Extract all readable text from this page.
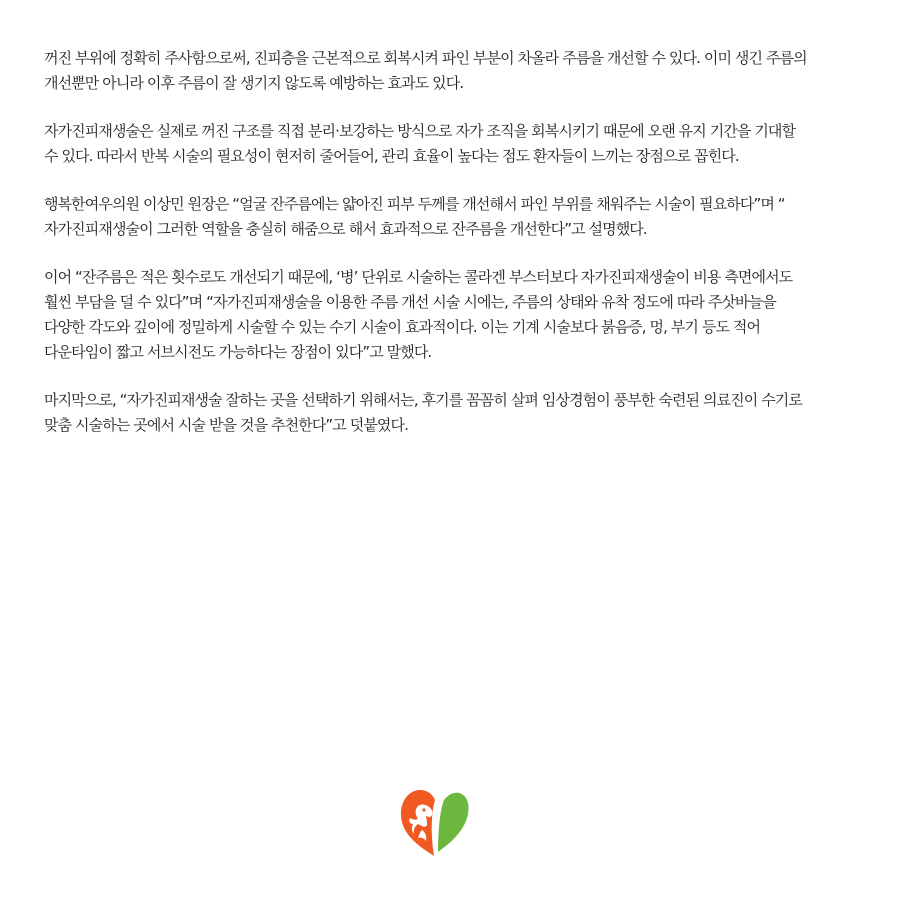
꺼진 부위에 정확히 주사함으로써, 진피층을 근본적으로 회복시켜 파인 부분이 차올라 주름을 개선할 수 있다. 이미 생긴 주름의
개선뿐만 아니라 이후 주름이 잘 생기지 않도록 예방하는 효과도 있다.

자가진피재생술은 실제로 꺼진 구조를 직접 분리·보강하는 방식으로 자가 조직을 회복시키기 때문에 오랜 유지 기간을 기대할
수 있다. 따라서 반복 시술의 필요성이 현저히 줄어들어, 관리 효율이 높다는 점도 환자들이 느끼는 장점으로 꼽힌다.

행복한여우의원 이상민 원장은 “얼굴 잔주름에는 얇아진 피부 두께를 개선해서 파인 부위를 채워주는 시술이 필요하다”며 “
자가진피재생술이 그러한 역할을 충실히 해줌으로 해서 효과적으로 잔주름을 개선한다”고 설명했다.

이어 “잔주름은 적은 횟수로도 개선되기 때문에, ‘병’ 단위로 시술하는 콜라겐 부스터보다 자가진피재생술이 비용 측면에서도
훨씬 부담을 덜 수 있다”며 “자가진피재생술을 이용한 주름 개선 시술 시에는, 주름의 상태와 유착 정도에 따라 주삿바늘을
다양한 각도와 깊이에 정밀하게 시술할 수 있는 수기 시술이 효과적이다. 이는 기계 시술보다 붉음증, 멍, 부기 등도 적어
다운타임이 짧고 서브시전도 가능하다는 장점이 있다”고 말했다.

마지막으로, “자가진피재생술 잘하는 곳을 선택하기 위해서는, 후기를 꼼꼼히 살펴 임상경험이 풍부한 숙련된 의료진이 수기로
맞춤 시술하는 곳에서 시술 받을 것을 추천한다”고 덧붙였다.
